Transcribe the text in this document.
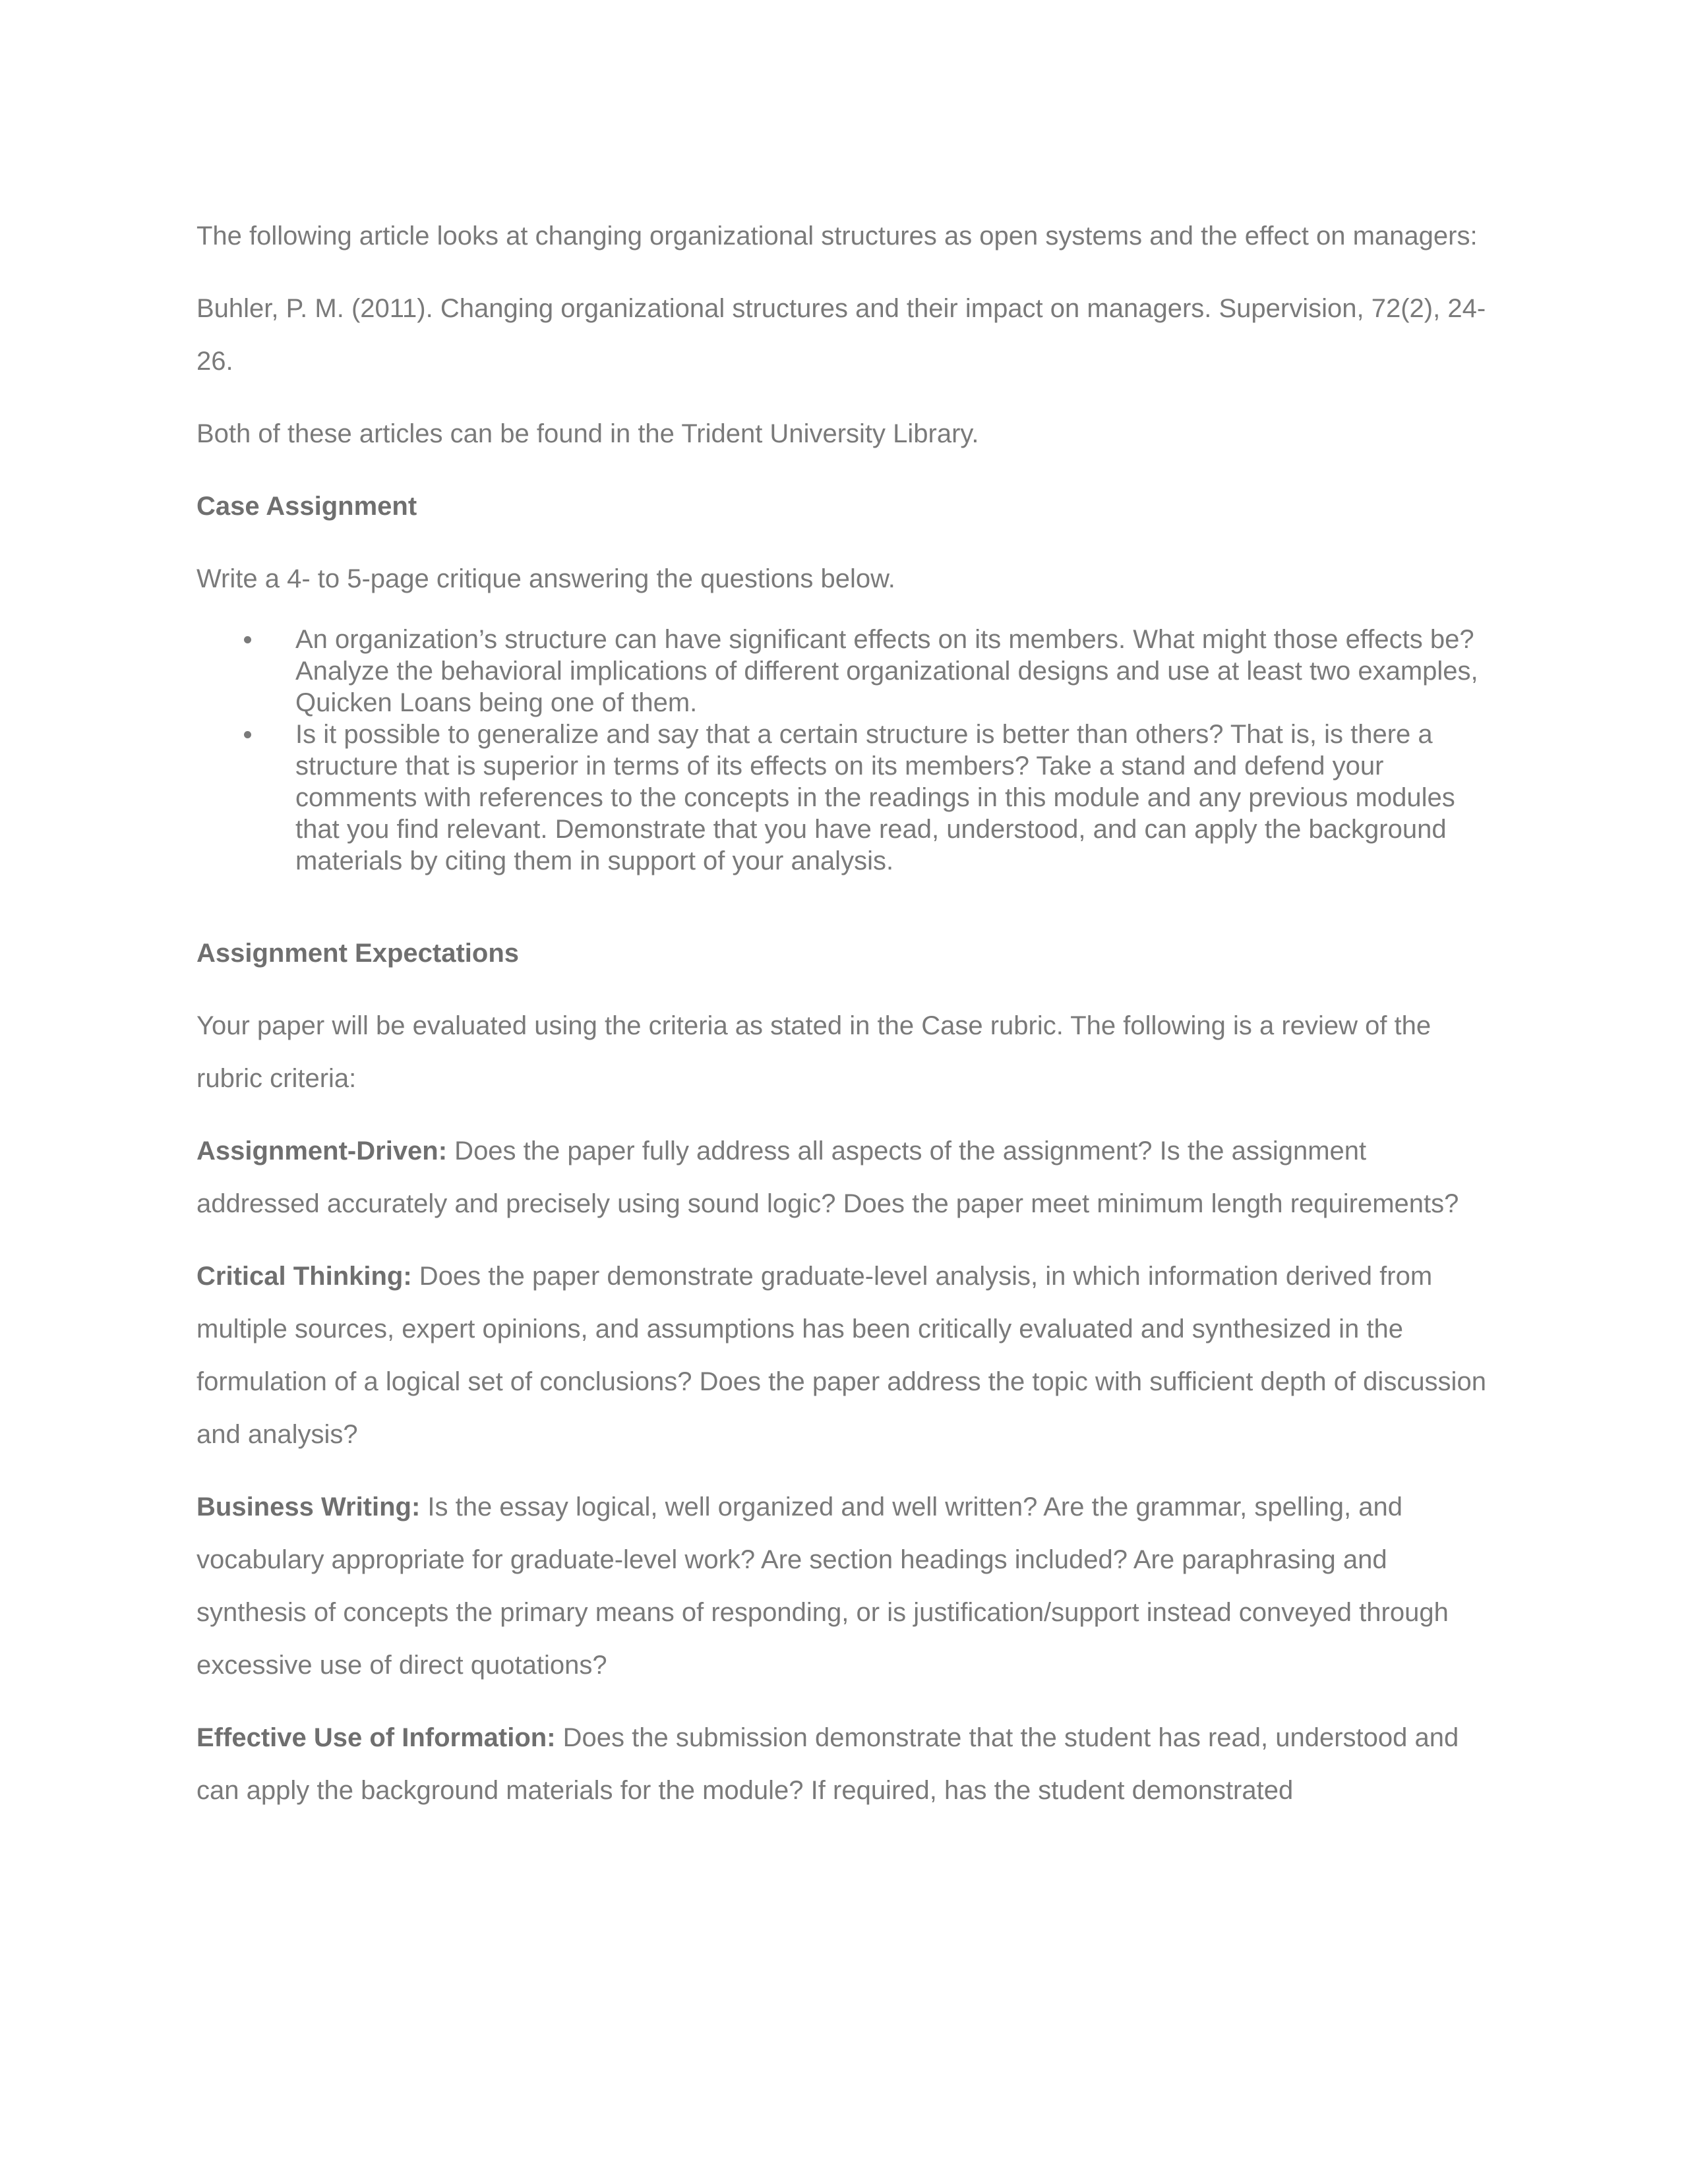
The following article looks at changing organizational structures as open systems and the effect on managers:

Buhler, P. M. (2011). Changing organizational structures and their impact on managers. Supervision, 72(2), 24-26.

Both of these articles can be found in the Trident University Library.

Case Assignment

Write a 4- to 5-page critique answering the questions below.

An organization’s structure can have significant effects on its members. What might those effects be? Analyze the behavioral implications of different organizational designs and use at least two examples, Quicken Loans being one of them.
Is it possible to generalize and say that a certain structure is better than others? That is, is there a structure that is superior in terms of its effects on its members? Take a stand and defend your comments with references to the concepts in the readings in this module and any previous modules that you find relevant. Demonstrate that you have read, understood, and can apply the background materials by citing them in support of your analysis.

Assignment Expectations

Your paper will be evaluated using the criteria as stated in the Case rubric. The following is a review of the rubric criteria:

Assignment-Driven: Does the paper fully address all aspects of the assignment? Is the assignment addressed accurately and precisely using sound logic? Does the paper meet minimum length requirements?

Critical Thinking: Does the paper demonstrate graduate-level analysis, in which information derived from multiple sources, expert opinions, and assumptions has been critically evaluated and synthesized in the formulation of a logical set of conclusions? Does the paper address the topic with sufficient depth of discussion and analysis?

Business Writing: Is the essay logical, well organized and well written? Are the grammar, spelling, and vocabulary appropriate for graduate-level work? Are section headings included? Are paraphrasing and synthesis of concepts the primary means of responding, or is justification/support instead conveyed through excessive use of direct quotations?

Effective Use of Information: Does the submission demonstrate that the student has read, understood and can apply the background materials for the module? If required, has the student demonstrated
